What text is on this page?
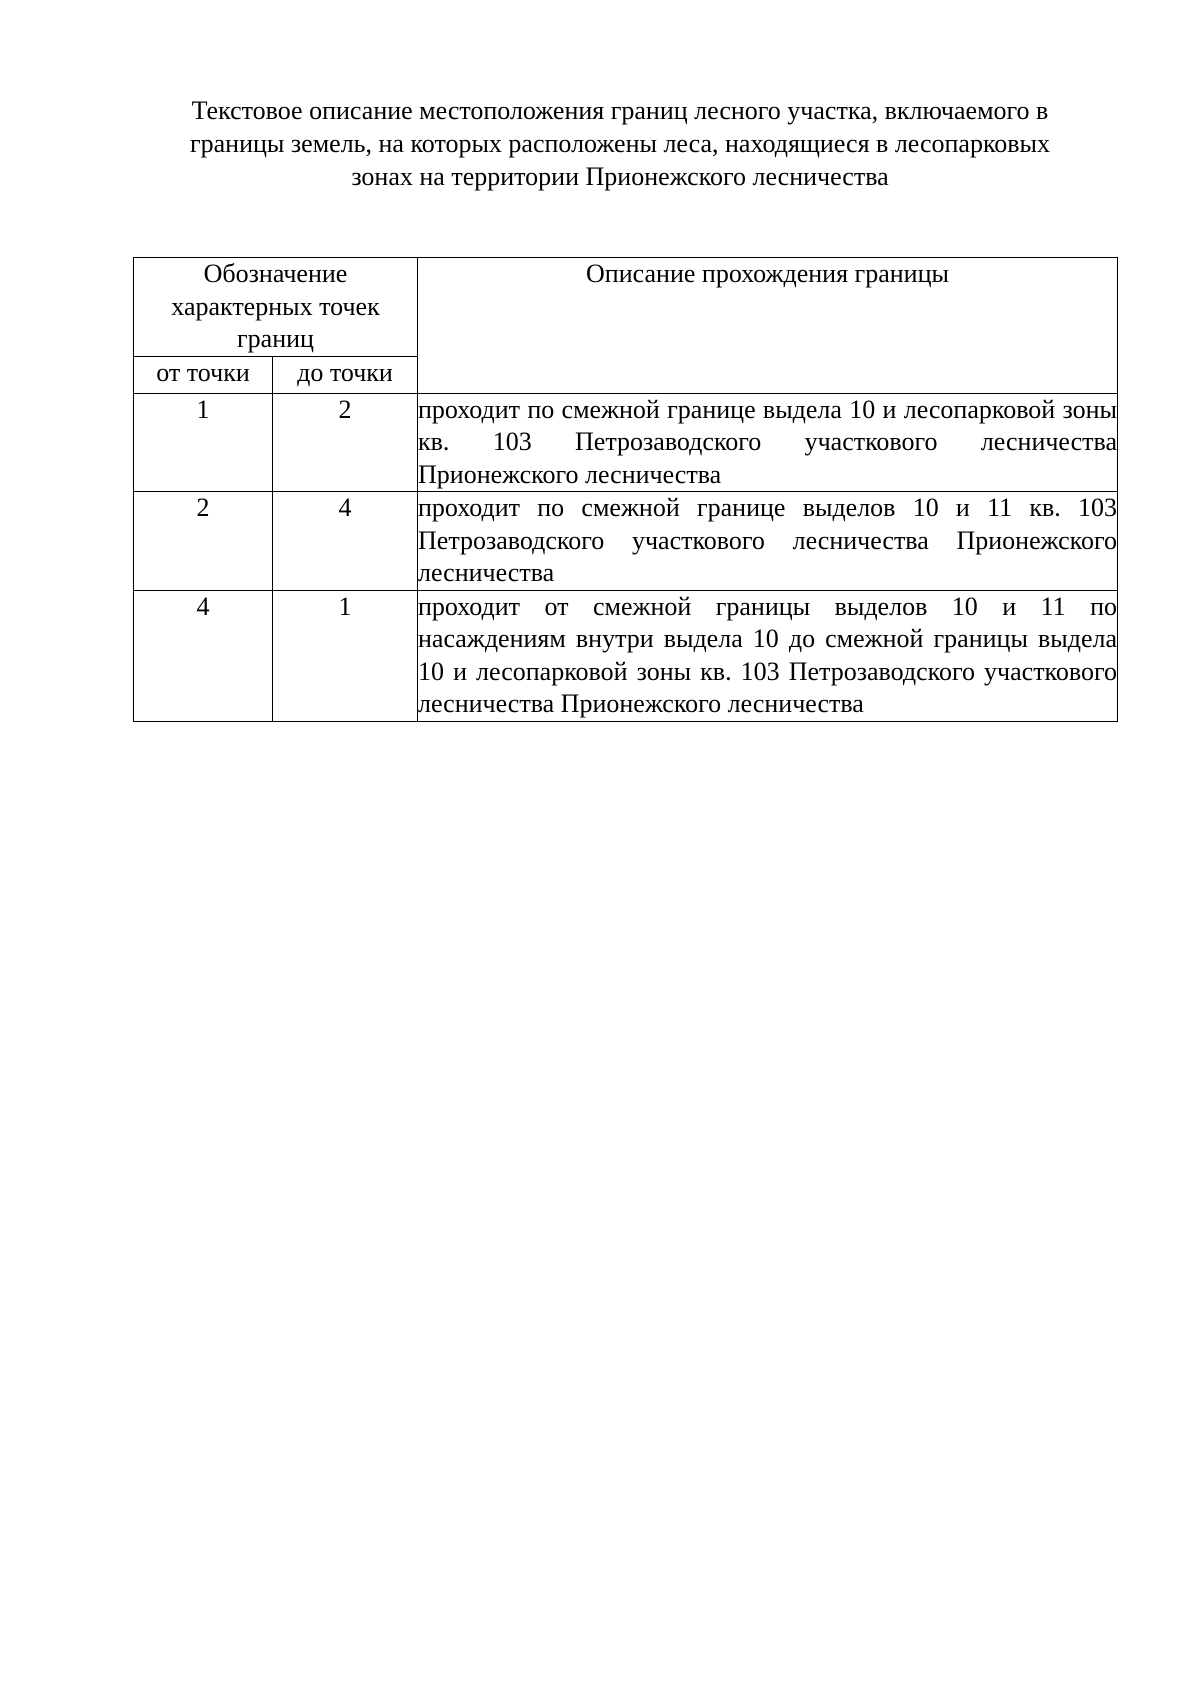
Текстовое описание местоположения границ лесного участка, включаемого в
границы земель, на которых расположены леса, находящиеся в лесопарковых
зонах на территории Прионежского лесничества
Обозначение характерных точек границ		Описание прохождения границы
от точки	до точки	
1	2	проходит по смежной границе выдела 10 и лесопарковой зоны кв. 103 Петрозаводского участкового лесничества Прионежского лесничества
2	4	проходит по смежной границе выделов 10 и 11 кв. 103 Петрозаводского участкового лесничества Прионежского лесничества
4	1	проходит от смежной границы выделов 10 и 11 по насаждениям внутри выдела 10 до смежной границы выдела 10 и лесопарковой зоны кв. 103 Петрозаводского участкового лесничества Прионежского лесничества
